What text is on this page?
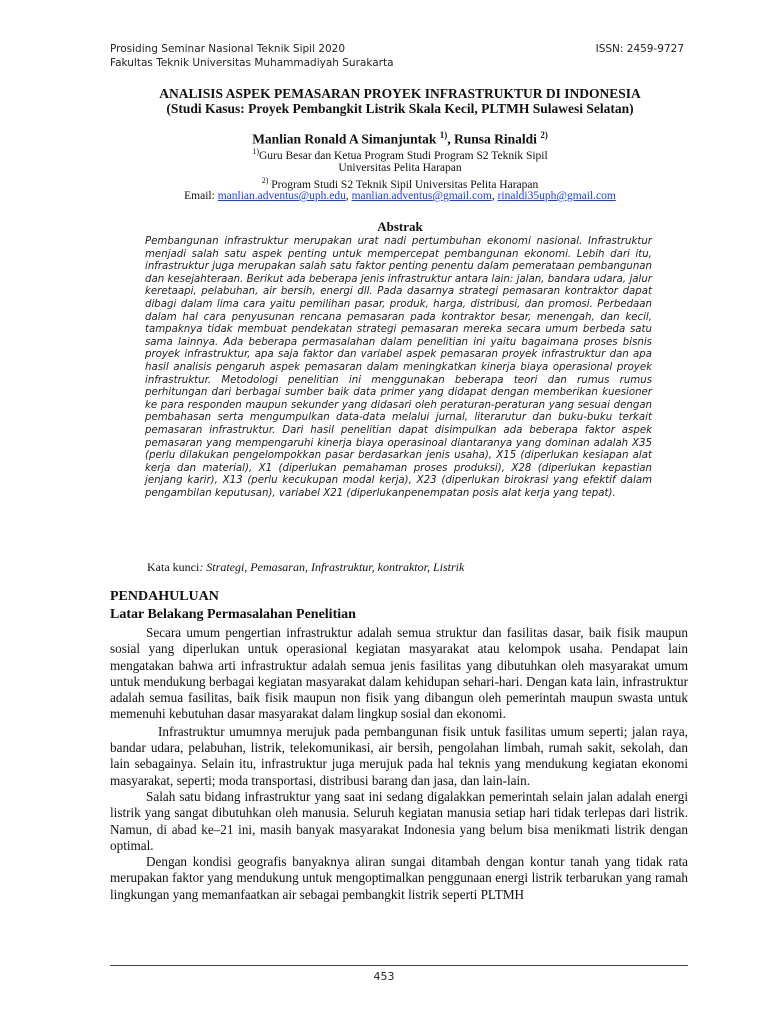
Prosiding Seminar Nasional Teknik Sipil 2020
Fakultas Teknik Universitas Muhammadiyah Surakarta
ISSN: 2459-9727
ANALISIS ASPEK PEMASARAN PROYEK INFRASTRUKTUR DI INDONESIA
(Studi Kasus: Proyek Pembangkit Listrik Skala Kecil, PLTMH Sulawesi Selatan)
Manlian Ronald A Simanjuntak $^{1)}$, Runsa Rinaldi $^{2)}$
$^{1)}$Guru Besar dan Ketua Program Studi Program S2 Teknik Sipil
Universitas Pelita Harapan
$^{2)}$ Program Studi S2 Teknik Sipil Universitas Pelita Harapan
Email: manlian.adventus@uph.edu, manlian.adventus@gmail.com, rinaldi35uph@gmail.com
Abstrak
Pembangunan infrastruktur merupakan urat nadi pertumbuhan ekonomi nasional. Infrastruktur menjadi salah satu aspek penting untuk mempercepat pembangunan ekonomi. Lebih dari itu, infrastruktur juga merupakan salah satu faktor penting penentu dalam pemerataan pembangunan dan kesejahteraan. Berikut ada beberapa jenis infrastruktur antara lain: jalan, bandara udara, jalur keretaapi, pelabuhan, air bersih, energi dll. Pada dasarnya strategi pemasaran kontraktor dapat dibagi dalam lima cara yaitu pemilihan pasar, produk, harga, distribusi, dan promosi. Perbedaan dalam hal cara penyusunan rencana pemasaran pada kontraktor besar, menengah, dan kecil, tampaknya tidak membuat pendekatan strategi pemasaran mereka secara umum berbeda satu sama lainnya. Ada beberapa permasalahan dalam penelitian ini yaitu bagaimana proses bisnis proyek infrastruktur, apa saja faktor dan variabel aspek pemasaran proyek infrastruktur dan apa hasil analisis pengaruh aspek pemasaran dalam meningkatkan kinerja biaya operasional proyek infrastruktur. Metodologi penelitian ini menggunakan beberapa teori dan rumus rumus perhitungan dari berbagai sumber baik data primer yang didapat dengan memberikan kuesioner ke para responden maupun sekunder yang didasari oleh peraturan-peraturan yang sesuai dengan pembahasan serta mengumpulkan data-data melalui jurnal, literarutur dan buku-buku terkait pemasaran infrastruktur. Dari hasil penelitian dapat disimpulkan ada beberapa faktor aspek pemasaran yang mempengaruhi kinerja biaya operasinoal diantaranya yang dominan adalah X35 (perlu dilakukan pengelompokkan pasar berdasarkan jenis usaha), X15 (diperlukan kesiapan alat kerja dan material), X1 (diperlukan pemahaman proses produksi), X28 (diperlukan kepastian jenjang karir), X13 (perlu kecukupan modal kerja), X23 (diperlukan birokrasi yang efektif dalam pengambilan keputusan), variabel X21 (diperlukanpenempatan posis alat kerja yang tepat).
Kata kunci: Strategi, Pemasaran, Infrastruktur, kontraktor, Listrik
PENDAHULUAN
Latar Belakang Permasalahan Penelitian

Secara umum pengertian infrastruktur adalah semua struktur dan fasilitas dasar, baik fisik maupun sosial yang diperlukan untuk operasional kegiatan masyarakat atau kelompok usaha. Pendapat lain mengatakan bahwa arti infrastruktur adalah semua jenis fasilitas yang dibutuhkan oleh masyarakat umum untuk mendukung berbagai kegiatan masyarakat dalam kehidupan sehari-hari. Dengan kata lain, infrastruktur adalah semua fasilitas, baik fisik maupun non fisik yang dibangun oleh pemerintah maupun swasta untuk memenuhi kebutuhan dasar masyarakat dalam lingkup sosial dan ekonomi.

Infrastruktur umumnya merujuk pada pembangunan fisik untuk fasilitas umum seperti; jalan raya, bandar udara, pelabuhan, listrik, telekomunikasi, air bersih, pengolahan limbah, rumah sakit, sekolah, dan lain sebagainya. Selain itu, infrastruktur juga merujuk pada hal teknis yang mendukung kegiatan ekonomi masyarakat, seperti; moda transportasi, distribusi barang dan jasa, dan lain-lain.

Salah satu bidang infrastruktur yang saat ini sedang digalakkan pemerintah selain jalan adalah energi listrik yang sangat dibutuhkan oleh manusia. Seluruh kegiatan manusia setiap hari tidak terlepas dari listrik. Namun, di abad ke–21 ini, masih banyak masyarakat Indonesia yang belum bisa menikmati listrik dengan optimal.

Dengan kondisi geografis banyaknya aliran sungai ditambah dengan kontur tanah yang tidak rata merupakan faktor yang mendukung untuk mengoptimalkan penggunaan energi listrik terbarukan yang ramah lingkungan yang memanfaatkan air sebagai pembangkit listrik seperti PLTMH

453
